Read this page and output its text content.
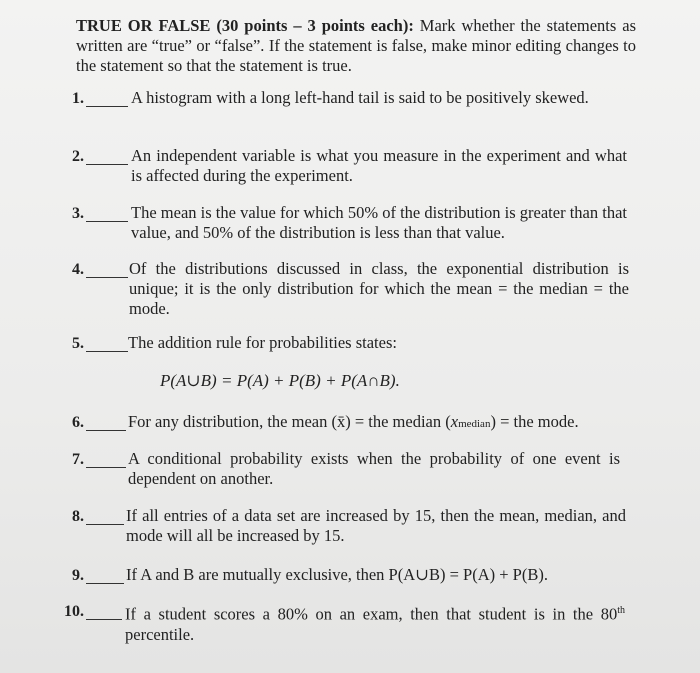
TRUE OR FALSE (30 points – 3 points each): Mark whether the statements as written are “true” or “false”. If the statement is false, make minor editing changes to the statement so that the statement is true.
1.	A histogram with a long left-hand tail is said to be positively skewed.
2.	An independent variable is what you measure in the experiment and what is affected during the experiment.
3.	The mean is the value for which 50% of the distribution is greater than that value, and 50% of the distribution is less than that value.
4.	Of the distributions discussed in class, the exponential distribution is unique; it is the only distribution for which the mean = the median = the mode.
5.	The addition rule for probabilities states:
P(A∪B) = P(A) + P(B) + P(A∩B).
6.	For any distribution, the mean (x̄) = the median (xmedian) = the mode.
7.	A conditional probability exists when the probability of one event is dependent on another.
8.	If all entries of a data set are increased by 15, then the mean, median, and mode will all be increased by 15.
9.	If A and B are mutually exclusive, then P(A∪B) = P(A) + P(B).
10. If a student scores a 80% on an exam, then that student is in the 80th percentile.
